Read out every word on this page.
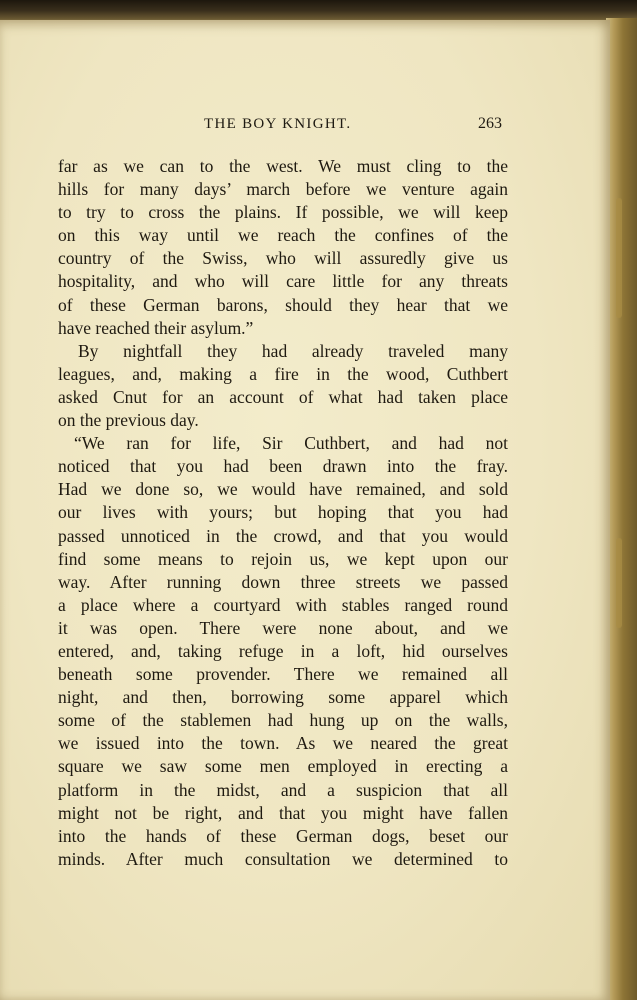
THE BOY KNIGHT.	263
far as we can to the west. We must cling to the
hills for many days’ march before we venture again
to try to cross the plains. If possible, we will keep
on this way until we reach the confines of the
country of the Swiss, who will assuredly give us
hospitality, and who will care little for any threats
of these German barons, should they hear that we
have reached their asylum.”
By nightfall they had already traveled many
leagues, and, making a fire in the wood, Cuthbert
asked Cnut for an account of what had taken place
on the previous day.
“We ran for life, Sir Cuthbert, and had not
noticed that you had been drawn into the fray.
Had we done so, we would have remained, and sold
our lives with yours; but hoping that you had
passed unnoticed in the crowd, and that you would
find some means to rejoin us, we kept upon our
way. After running down three streets we passed
a place where a courtyard with stables ranged round
it was open. There were none about, and we
entered, and, taking refuge in a loft, hid ourselves
beneath some provender. There we remained all
night, and then, borrowing some apparel which
some of the stablemen had hung up on the walls,
we issued into the town. As we neared the great
square we saw some men employed in erecting a
platform in the midst, and a suspicion that all
might not be right, and that you might have fallen
into the hands of these German dogs, beset our
minds. After much consultation we determined to
